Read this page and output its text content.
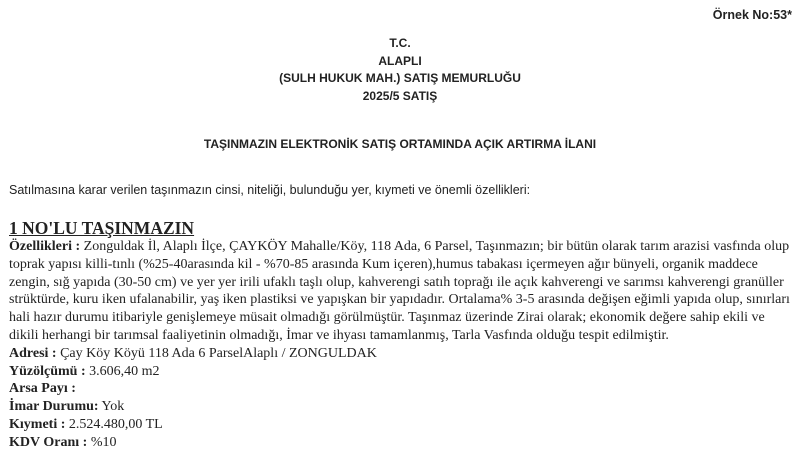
Örnek No:53*
T.C.
ALAPLI
(SULH HUKUK MAH.) SATIŞ MEMURLUĞU
2025/5 SATIŞ
TAŞINMAZIN ELEKTRONİK SATIŞ ORTAMINDA AÇIK ARTIRMA İLANI
Satılmasına karar verilen taşınmazın cinsi, niteliği, bulunduğu yer, kıymeti ve önemli özellikleri:
1 NO'LU TAŞINMAZIN
Özellikleri : Zonguldak İl, Alaplı İlçe, ÇAYKÖY Mahalle/Köy, 118 Ada, 6 Parsel, Taşınmazın; bir bütün olarak tarım arazisi vasfında olup
toprak yapısı killi-tınlı (%25-40arasında kil - %70-85 arasında Kum içeren),humus tabakası içermeyen ağır bünyeli, organik maddece
zengin, sığ yapıda (30-50 cm) ve yer yer irili ufaklı taşlı olup, kahverengi satıh toprağı ile açık kahverengi ve sarımsı kahverengi granüller
strüktürde, kuru iken ufalanabilir, yaş iken plastiksi ve yapışkan bir yapıdadır. Ortalama% 3-5 arasında değişen eğimli yapıda olup, sınırları
hali hazır durumu itibariyle genişlemeye müsait olmadığı görülmüştür. Taşınmaz üzerinde Zirai olarak; ekonomik değere sahip ekili ve
dikili herhangi bir tarımsal faaliyetinin olmadığı, İmar ve ihyası tamamlanmış, Tarla Vasfında olduğu tespit edilmiştir.
Adresi : Çay Köy Köyü 118 Ada 6 ParselAlaplı / ZONGULDAK
Yüzölçümü : 3.606,40 m2
Arsa Payı :
İmar Durumu: Yok
Kıymeti : 2.524.480,00 TL
KDV Oranı : %10
